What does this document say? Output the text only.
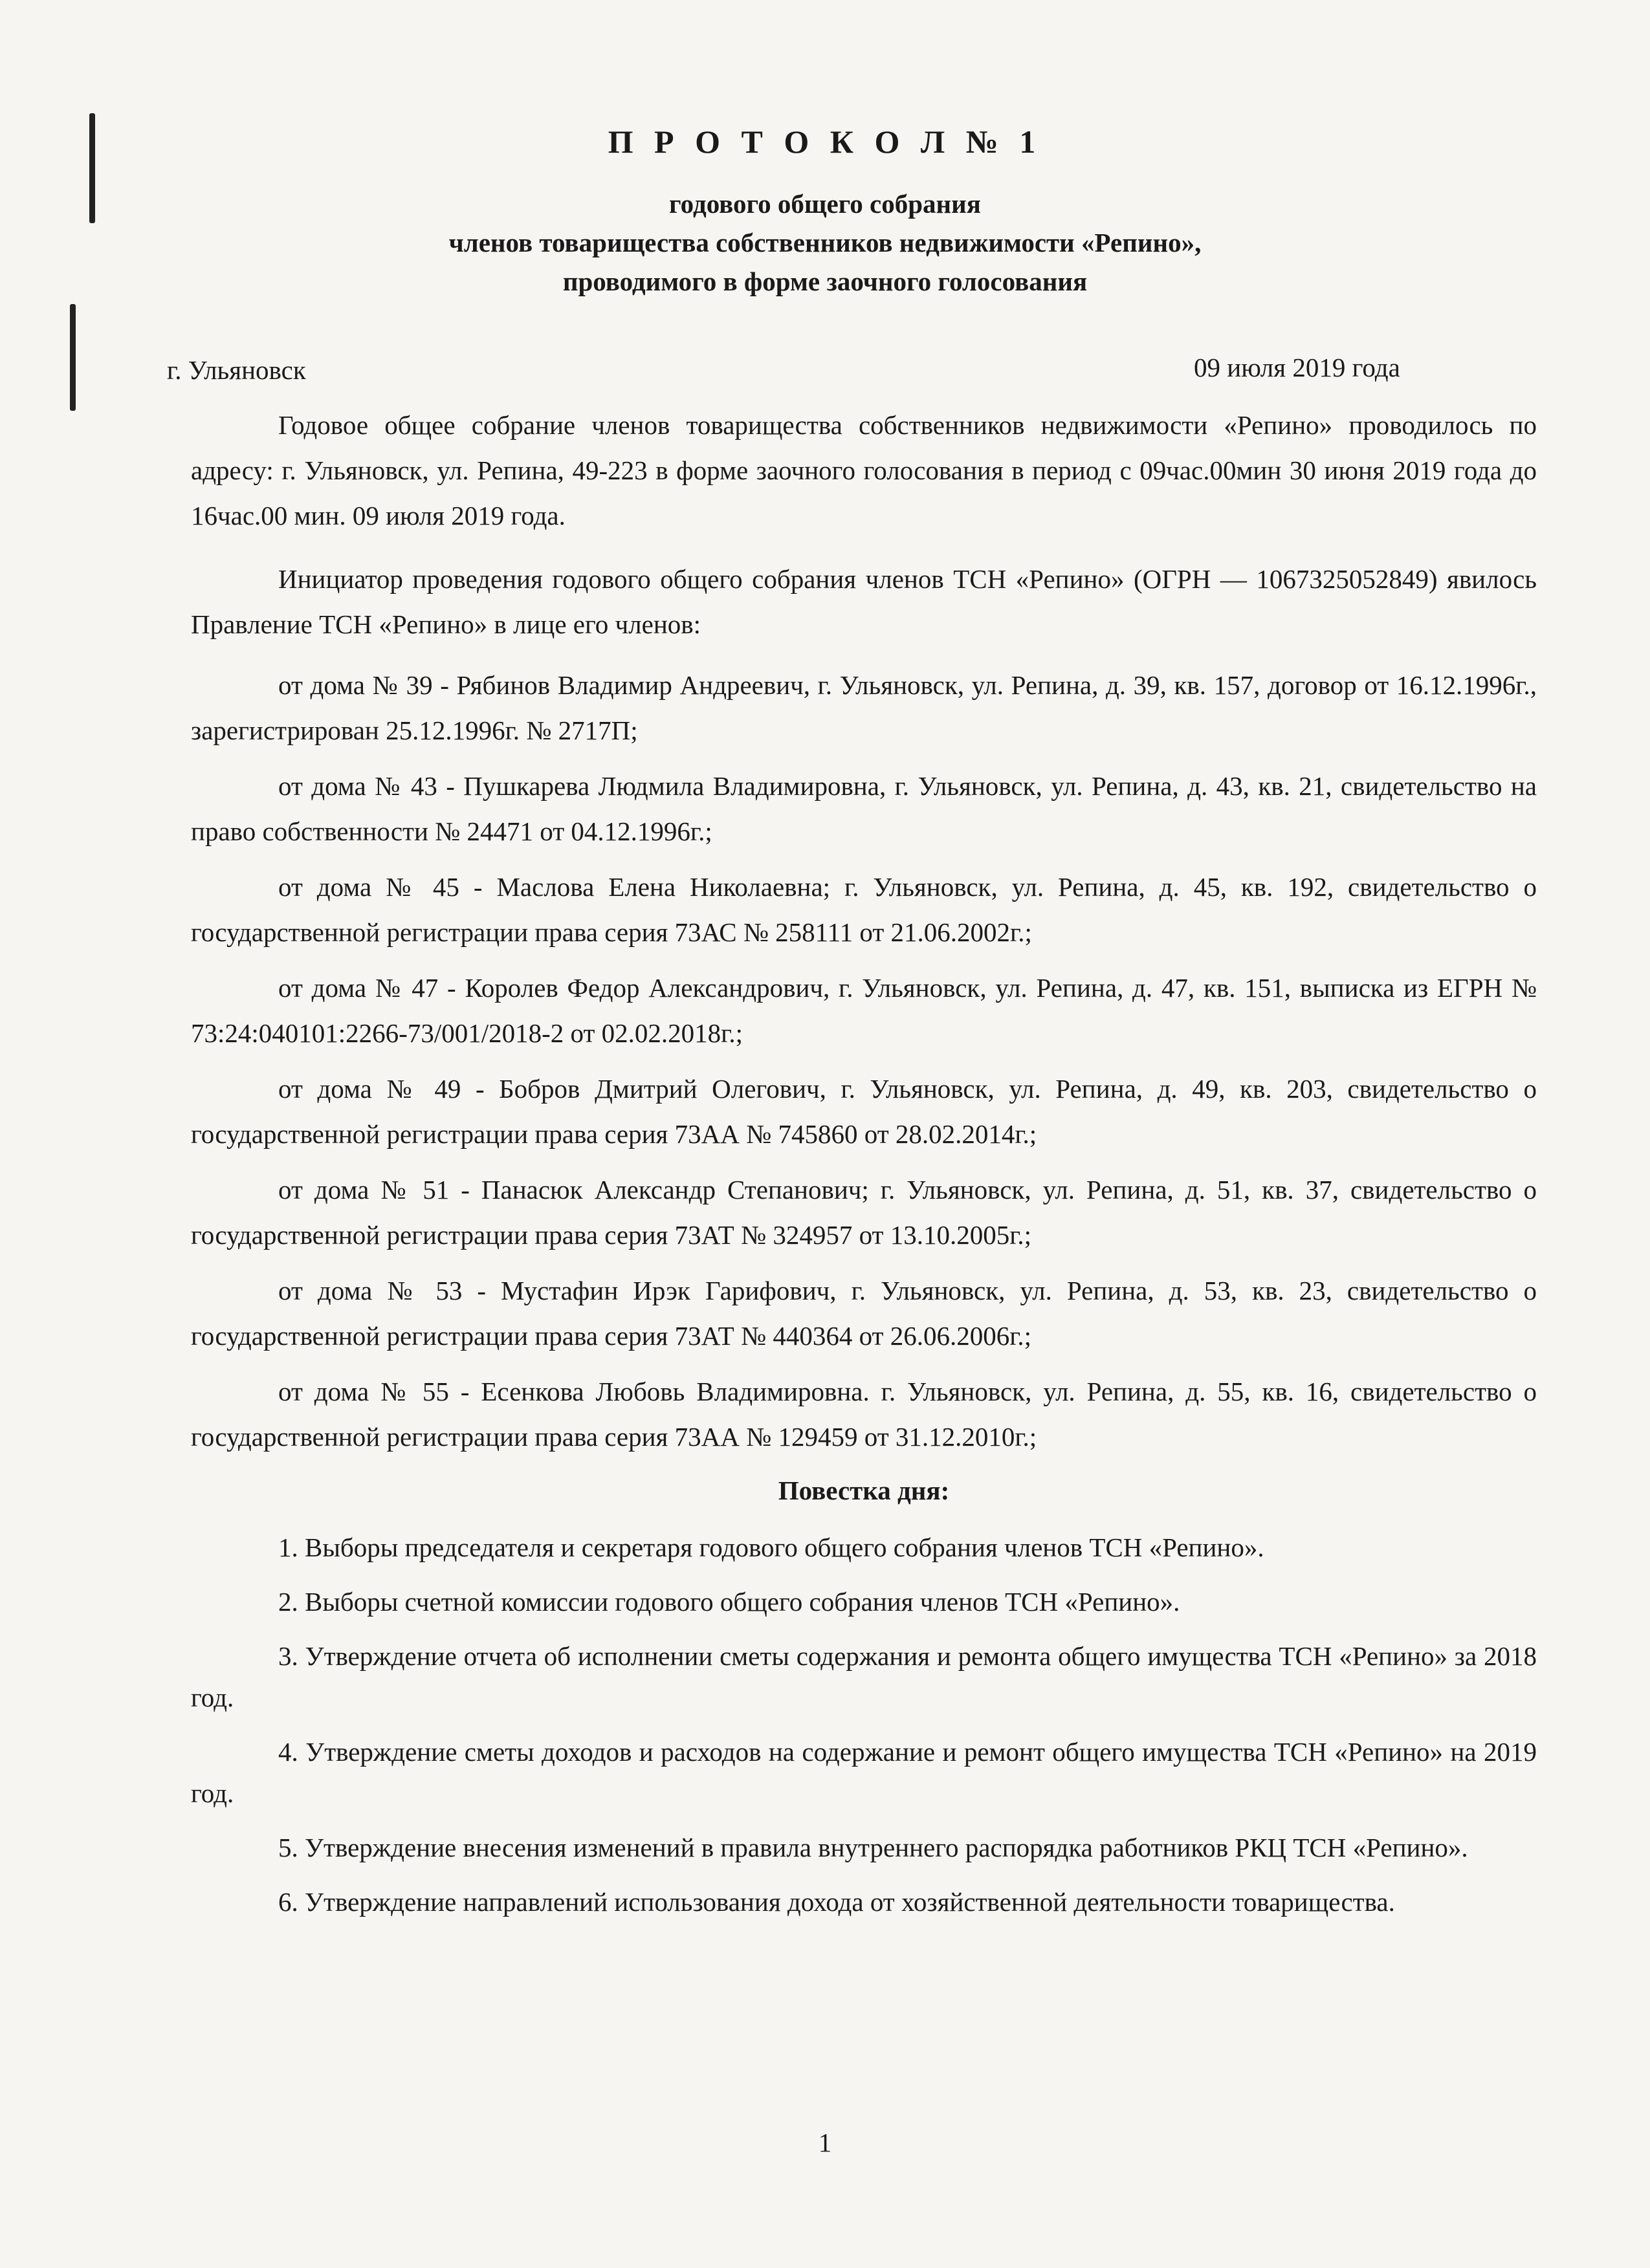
П Р О Т О К О Л № 1
годового общего собрания
членов товарищества собственников недвижимости «Репино»,
проводимого в форме заочного голосования
г. Ульяновск	09 июля 2019 года

Годовое общее собрание членов товарищества собственников недвижимости «Репино» проводилось по адресу: г. Ульяновск, ул. Репина, 49-223 в форме заочного голосования в период с 09час.00мин 30 июня 2019 года до 16час.00 мин. 09 июля 2019 года.

Инициатор проведения годового общего собрания членов ТСН «Репино» (ОГРН — 1067325052849) явилось Правление ТСН «Репино» в лице его членов:

от дома № 39 - Рябинов Владимир Андреевич, г. Ульяновск, ул. Репина, д. 39, кв. 157, договор от 16.12.1996г., зарегистрирован 25.12.1996г. № 2717П;

от дома № 43 - Пушкарева Людмила Владимировна, г. Ульяновск, ул. Репина, д. 43, кв. 21, свидетельство на право собственности № 24471 от 04.12.1996г.;

от дома № 45 - Маслова Елена Николаевна; г. Ульяновск, ул. Репина, д. 45, кв. 192, свидетельство о государственной регистрации права серия 73АС № 258111 от 21.06.2002г.;

от дома № 47 - Королев Федор Александрович, г. Ульяновск, ул. Репина, д. 47, кв. 151, выписка из ЕГРН № 73:24:040101:2266-73/001/2018-2 от 02.02.2018г.;

от дома № 49 - Бобров Дмитрий Олегович, г. Ульяновск, ул. Репина, д. 49, кв. 203, свидетельство о государственной регистрации права серия 73АА № 745860 от 28.02.2014г.;

от дома № 51 - Панасюк Александр Степанович; г. Ульяновск, ул. Репина, д. 51, кв. 37, свидетельство о государственной регистрации права серия 73АТ № 324957 от 13.10.2005г.;

от дома № 53 - Мустафин Ирэк Гарифович, г. Ульяновск, ул. Репина, д. 53, кв. 23, свидетельство о государственной регистрации права серия 73АТ № 440364 от 26.06.2006г.;

от дома № 55 - Есенкова Любовь Владимировна. г. Ульяновск, ул. Репина, д. 55, кв. 16, свидетельство о государственной регистрации права серия 73АА № 129459 от 31.12.2010г.;

Повестка дня:

1. Выборы председателя и секретаря годового общего собрания членов ТСН «Репино».

2. Выборы счетной комиссии годового общего собрания членов ТСН «Репино».

3. Утверждение отчета об исполнении сметы содержания и ремонта общего имущества ТСН «Репино» за 2018 год.

4. Утверждение сметы доходов и расходов на содержание и ремонт общего имущества ТСН «Репино» на 2019 год.

5. Утверждение внесения изменений в правила внутреннего распорядка работников РКЦ ТСН «Репино».

6. Утверждение направлений использования дохода от хозяйственной деятельности товарищества.

1
